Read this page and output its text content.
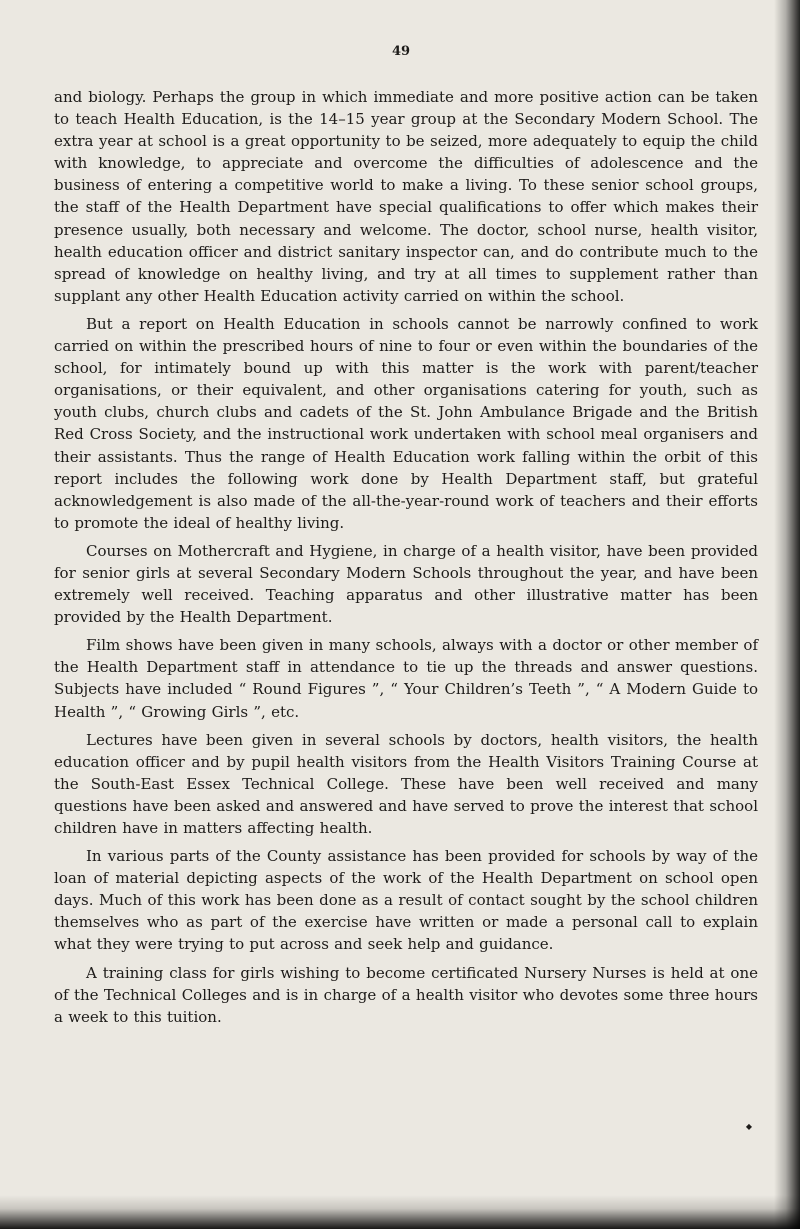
49

and biology. Perhaps the group in which immediate and more positive action can be taken to teach Health Education, is the 14–15 year group at the Secondary Modern School. The extra year at school is a great opportunity to be seized, more adequately to equip the child with knowledge, to appreciate and overcome the difficulties of adolescence and the business of entering a competitive world to make a living. To these senior school groups, the staff of the Health Department have special qualifications to offer which makes their presence usually, both necessary and welcome. The doctor, school nurse, health visitor, health education officer and district sanitary inspector can, and do contribute much to the spread of knowledge on healthy living, and try at all times to supplement rather than supplant any other Health Education activity carried on within the school.

But a report on Health Education in schools cannot be narrowly confined to work carried on within the prescribed hours of nine to four or even within the boundaries of the school, for intimately bound up with this matter is the work with parent/teacher organisations, or their equivalent, and other organisations catering for youth, such as youth clubs, church clubs and cadets of the St. John Ambulance Brigade and the British Red Cross Society, and the instructional work undertaken with school meal organisers and their assistants. Thus the range of Health Education work falling within the orbit of this report includes the following work done by Health Department staff, but grateful acknowledgement is also made of the all-the-year-round work of teachers and their efforts to promote the ideal of healthy living.

Courses on Mothercraft and Hygiene, in charge of a health visitor, have been provided for senior girls at several Secondary Modern Schools throughout the year, and have been extremely well received. Teaching apparatus and other illustrative matter has been provided by the Health Department.

Film shows have been given in many schools, always with a doctor or other member of the Health Department staff in attendance to tie up the threads and answer questions. Subjects have included “ Round Figures ”, “ Your Children’s Teeth ”, “ A Modern Guide to Health ”, “ Growing Girls ”, etc.

Lectures have been given in several schools by doctors, health visitors, the health education officer and by pupil health visitors from the Health Visitors Training Course at the South-East Essex Technical College. These have been well received and many questions have been asked and answered and have served to prove the interest that school children have in matters affecting health.

In various parts of the County assistance has been provided for schools by way of the loan of material depicting aspects of the work of the Health Department on school open days. Much of this work has been done as a result of contact sought by the school children themselves who as part of the exercise have written or made a personal call to explain what they were trying to put across and seek help and guidance.

A training class for girls wishing to become certificated Nursery Nurses is held at one of the Technical Colleges and is in charge of a health visitor who devotes some three hours a week to this tuition.

◆
